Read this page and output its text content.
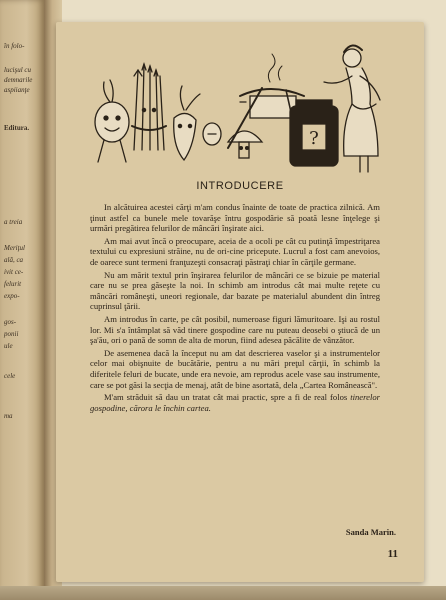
în folo-
lucişul cu
demnarile
aspiianţe
Editura.
a treia
Meriţul
ală, ca
ivit ce-
felurit
expo-
gos-
ponii
ule
cele
ma
?
INTRODUCERE

In alcătuirea acestei cărţi m'am condus înainte de toate de practica zilnică. Am ţinut astfel ca bunele mele tovarăşe întru gospodărie să poată lesne înţelege şi urmări pregătirea felurilor de mâncări înşirate aici.

Am mai avut încă o preocupare, aceia de a ocoli pe cât cu putinţă împestriţarea textului cu expresiuni străine, nu de ori-cine pricepute. Lucrul a fost cam anevoios, de oarece sunt termeni franţuzeşti consacraţi păstraţi chiar în cărţile germane.

Nu am mărit textul prin înşirarea felurilor de mâncări ce se bizuie pe material care nu se prea găseşte la noi. In schimb am introdus cât mai multe reţete cu mâncări româneşti, uneori regionale, dar bazate pe materialul abundent din întreg cuprinsul ţării.

Am introdus în carte, pe cât posibil, numeroase figuri lămuritoare. Işi au rostul lor. Mi s'a întâmplat să văd tinere gospodine care nu puteau deosebi o ştiucă de un şa'ău, ori o pană de somn de alta de morun, fiind adesea păcălite de vânzător.

De asemenea dacă la început nu am dat descrierea vaselor şi a instrumentelor celor mai obişnuite de bucătărie, pentru a nu mări preţul cărţii, în schimb la diferitele feluri de bucate, unde era nevoie, am reprodus acele vase sau instrumente, care se pot găsi la secţia de menaj, atât de bine asortată, dela „Cartea Românească".

M'am străduit să dau un tratat cât mai practic, spre a fi de real folos tinerelor gospodine, cărora le închin cartea.

Sanda Marin.
11
